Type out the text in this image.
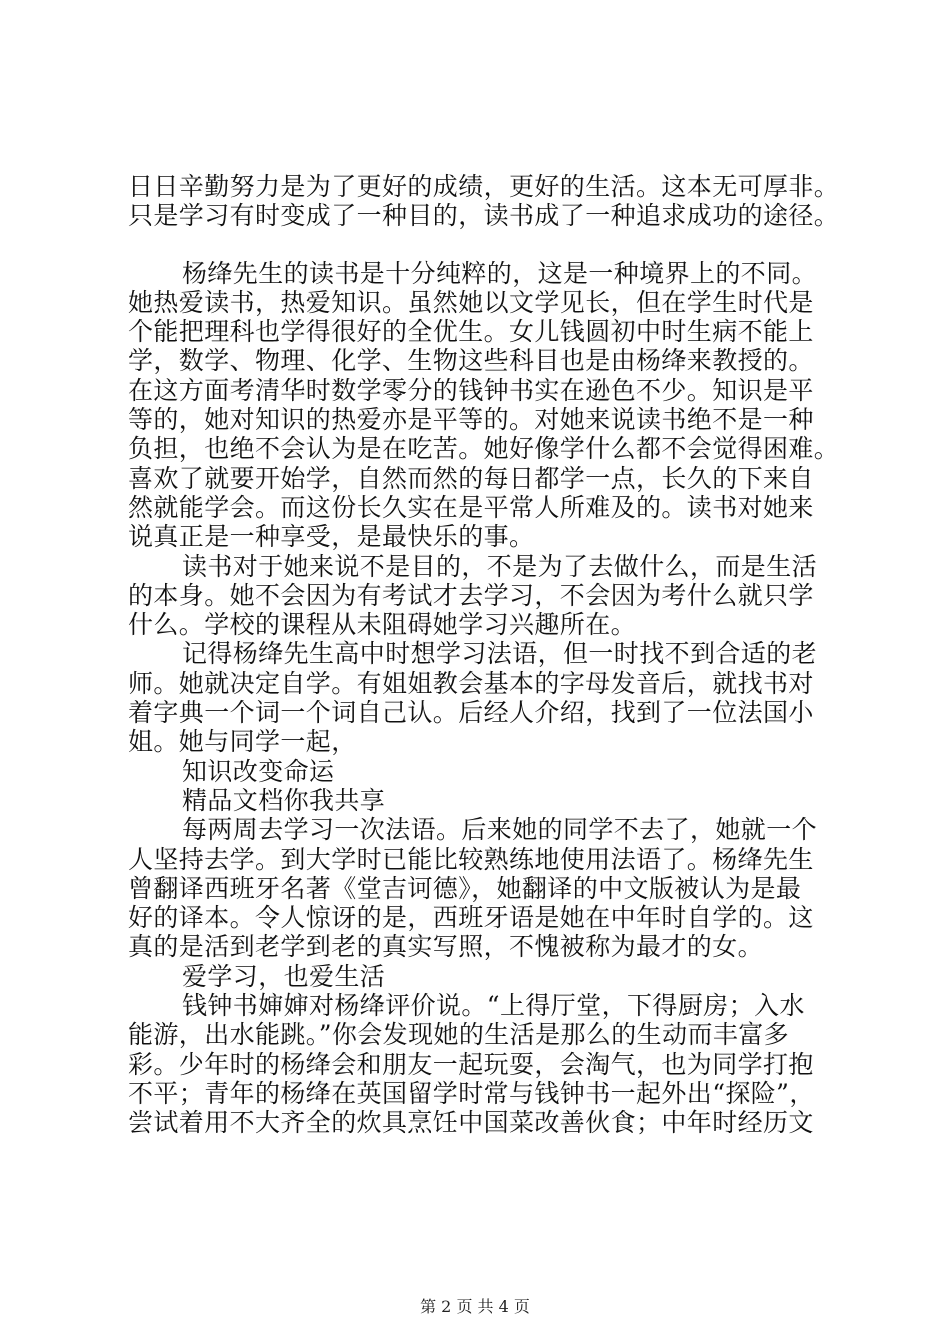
日日辛勤努力是为了更好的成绩，更好的生活。这本无可厚非。
只是学习有时变成了一种目的，读书成了一种追求成功的途径。
杨绛先生的读书是十分纯粹的，这是一种境界上的不同。
她热爱读书，热爱知识。虽然她以文学见长，但在学生时代是
个能把理科也学得很好的全优生。女儿钱圆初中时生病不能上
学，数学、物理、化学、生物这些科目也是由杨绛来教授的。
在这方面考清华时数学零分的钱钟书实在逊色不少。知识是平
等的，她对知识的热爱亦是平等的。对她来说读书绝不是一种
负担，也绝不会认为是在吃苦。她好像学什么都不会觉得困难。
喜欢了就要开始学，自然而然的每日都学一点，长久的下来自
然就能学会。而这份长久实在是平常人所难及的。读书对她来
说真正是一种享受，是最快乐的事。
读书对于她来说不是目的，不是为了去做什么，而是生活
的本身。她不会因为有考试才去学习，不会因为考什么就只学
什么。学校的课程从未阻碍她学习兴趣所在。
记得杨绛先生高中时想学习法语，但一时找不到合适的老
师。她就决定自学。有姐姐教会基本的字母发音后，就找书对
着字典一个词一个词自己认。后经人介绍，找到了一位法国小
姐。她与同学一起，
知识改变命运
精品文档你我共享
每两周去学习一次法语。后来她的同学不去了，她就一个
人坚持去学。到大学时已能比较熟练地使用法语了。杨绛先生
曾翻译西班牙名著《堂吉诃德》，她翻译的中文版被认为是最
好的译本。令人惊讶的是，西班牙语是她在中年时自学的。这
真的是活到老学到老的真实写照，不愧被称为最才的女。
爱学习，也爱生活
钱钟书婶婶对杨绛评价说。“上得厅堂，下得厨房；入水
能游，出水能跳。”你会发现她的生活是那么的生动而丰富多
彩。少年时的杨绛会和朋友一起玩耍，会淘气，也为同学打抱
不平；青年的杨绛在英国留学时常与钱钟书一起外出“探险”，
尝试着用不大齐全的炊具烹饪中国菜改善伙食；中年时经历文
第 2 页 共 4 页
